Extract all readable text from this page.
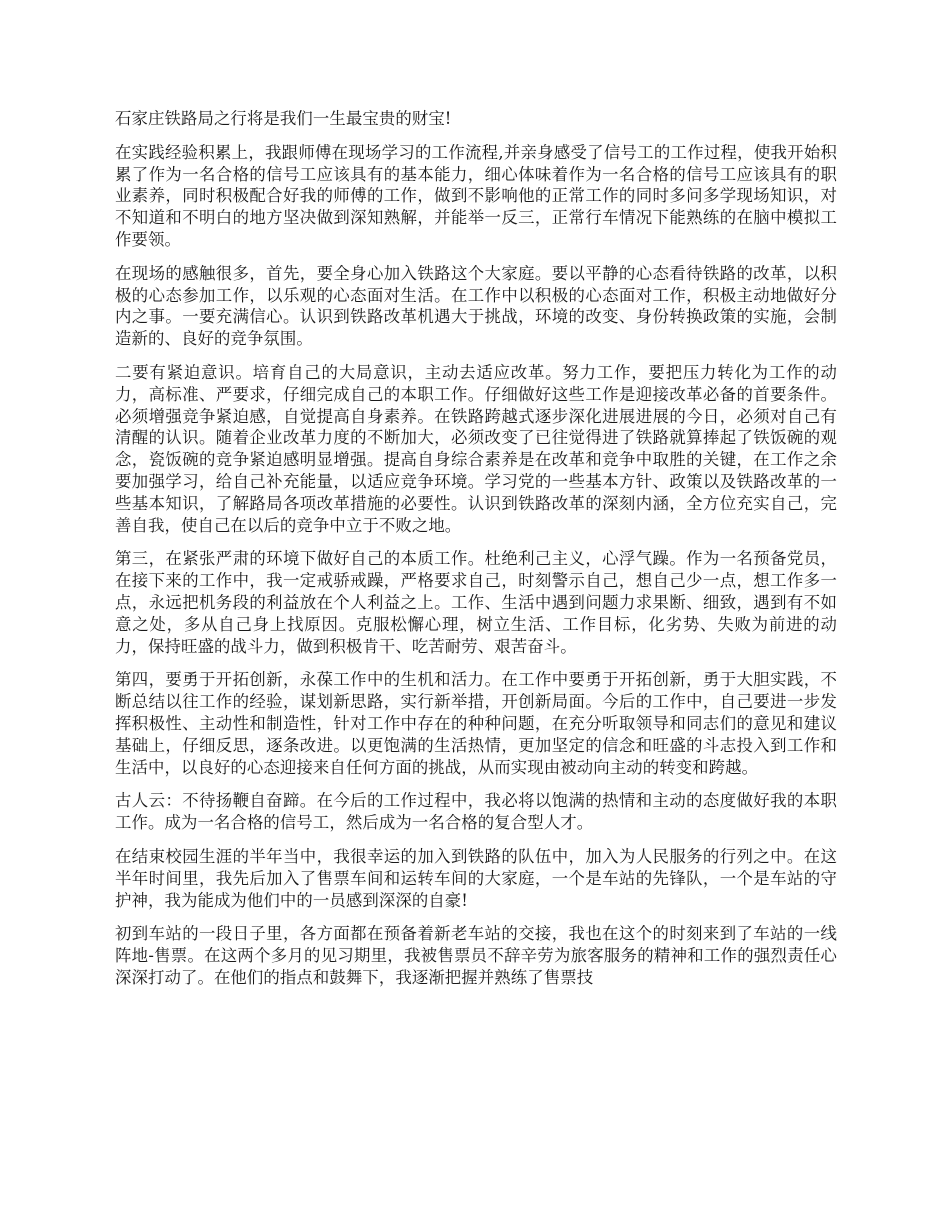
石家庄铁路局之行将是我们一生最宝贵的财宝!

在实践经验积累上，我跟师傅在现场学习的工作流程,并亲身感受了信号工的工作过程，使我开始积累了作为一名合格的信号工应该具有的基本能力，细心体味着作为一名合格的信号工应该具有的职业素养，同时积极配合好我的师傅的工作，做到不影响他的正常工作的同时多问多学现场知识，对不知道和不明白的地方坚决做到深知熟解，并能举一反三，正常行车情况下能熟练的在脑中模拟工作要领。

在现场的感触很多，首先，要全身心加入铁路这个大家庭。要以平静的心态看待铁路的改革，以积极的心态参加工作，以乐观的心态面对生活。在工作中以积极的心态面对工作，积极主动地做好分内之事。一要充满信心。认识到铁路改革机遇大于挑战，环境的改变、身份转换政策的实施，会制造新的、良好的竞争氛围。

二要有紧迫意识。培育自己的大局意识，主动去适应改革。努力工作，要把压力转化为工作的动力，高标准、严要求，仔细完成自己的本职工作。仔细做好这些工作是迎接改革必备的首要条件。必须增强竞争紧迫感，自觉提高自身素养。在铁路跨越式逐步深化进展进展的今日，必须对自己有清醒的认识。随着企业改革力度的不断加大，必须改变了已往觉得进了铁路就算捧起了铁饭碗的观念，瓷饭碗的竞争紧迫感明显增强。提高自身综合素养是在改革和竞争中取胜的关键，在工作之余要加强学习，给自己补充能量，以适应竞争环境。学习党的一些基本方针、政策以及铁路改革的一些基本知识，了解路局各项改革措施的必要性。认识到铁路改革的深刻内涵，全方位充实自己，完善自我，使自己在以后的竞争中立于不败之地。

第三，在紧张严肃的环境下做好自己的本质工作。杜绝利己主义，心浮气躁。作为一名预备党员，在接下来的工作中，我一定戒骄戒躁，严格要求自己，时刻警示自己，想自己少一点，想工作多一点，永远把机务段的利益放在个人利益之上。工作、生活中遇到问题力求果断、细致，遇到有不如意之处，多从自己身上找原因。克服松懈心理，树立生活、工作目标，化劣势、失败为前进的动力，保持旺盛的战斗力，做到积极肯干、吃苦耐劳、艰苦奋斗。

第四，要勇于开拓创新，永葆工作中的生机和活力。在工作中要勇于开拓创新，勇于大胆实践，不断总结以往工作的经验，谋划新思路，实行新举措，开创新局面。今后的工作中，自己要进一步发挥积极性、主动性和制造性，针对工作中存在的种种问题，在充分听取领导和同志们的意见和建议基础上，仔细反思，逐条改进。以更饱满的生活热情，更加坚定的信念和旺盛的斗志投入到工作和生活中，以良好的心态迎接来自任何方面的挑战，从而实现由被动向主动的转变和跨越。

古人云：不待扬鞭自奋蹄。在今后的工作过程中，我必将以饱满的热情和主动的态度做好我的本职工作。成为一名合格的信号工，然后成为一名合格的复合型人才。

在结束校园生涯的半年当中，我很幸运的加入到铁路的队伍中，加入为人民服务的行列之中。在这半年时间里，我先后加入了售票车间和运转车间的大家庭，一个是车站的先锋队，一个是车站的守护神，我为能成为他们中的一员感到深深的自豪!

初到车站的一段日子里，各方面都在预备着新老车站的交接，我也在这个的时刻来到了车站的一线阵地-售票。在这两个多月的见习期里，我被售票员不辞辛劳为旅客服务的精神和工作的强烈责任心深深打动了。在他们的指点和鼓舞下，我逐渐把握并熟练了售票技
